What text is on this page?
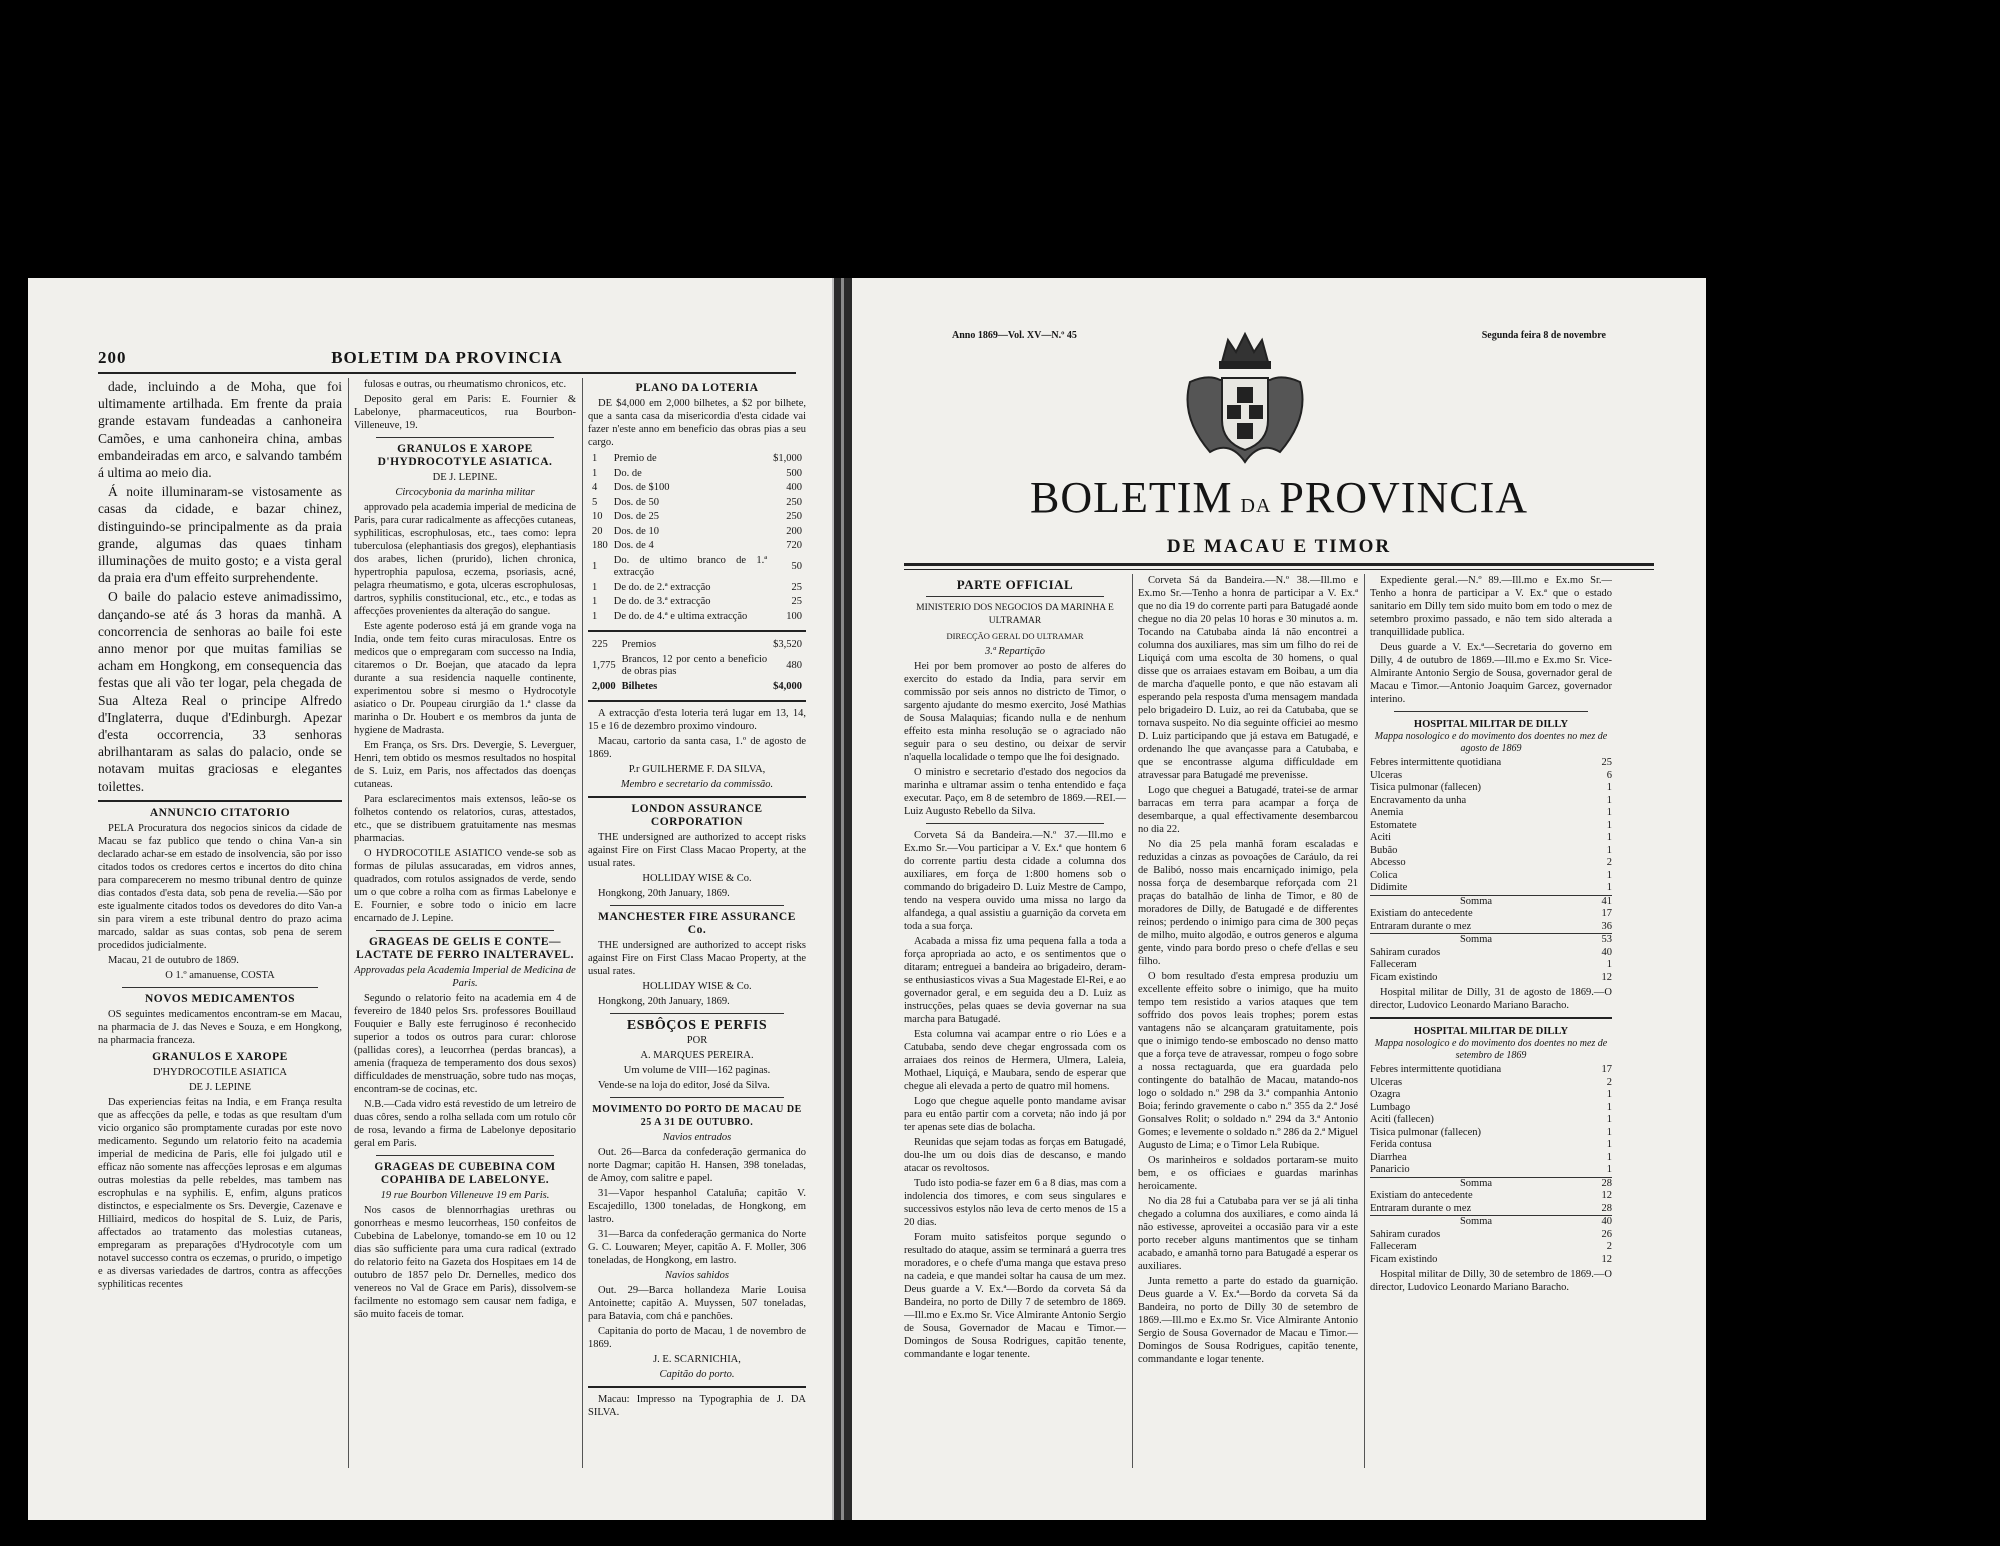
200	BOLETIM DA PROVINCIA

dade, incluindo a de Moha, que foi ultimamente artilhada. Em frente da praia grande estavam fundeadas a canhoneira Camões, e uma canhoneira china, ambas embandeiradas em arco, e salvando também á ultima ao meio dia.

Á noite illuminaram-se vistosamente as casas da cidade, e bazar chinez, distinguindo-se principalmente as da praia grande, algumas das quaes tinham illuminações de muito gosto; e a vista geral da praia era d'um effeito surprehendente.

O baile do palacio esteve animadissimo, dançando-se até ás 3 horas da manhã. A concorrencia de senhoras ao baile foi este anno menor por que muitas familias se acham em Hongkong, em consequencia das festas que ali vão ter logar, pela chegada de Sua Alteza Real o principe Alfredo d'Inglaterra, duque d'Edinburgh. Apezar d'esta occorrencia, 33 senhoras abrilhantaram as salas do palacio, onde se notavam muitas graciosas e elegantes toilettes.

ANNUNCIO CITATORIO

PELA Procuratura dos negocios sinicos da cidade de Macau se faz publico que tendo o china Van-a sin declarado achar-se em estado de insolvencia, são por isso citados todos os credores certos e incertos do dito china para comparecerem no mesmo tribunal dentro de quinze dias contados d'esta data, sob pena de revelia.—São por este igualmente citados todos os devedores do dito Van-a sin para virem a este tribunal dentro do prazo acima marcado, saldar as suas contas, sob pena de serem procedidos judicialmente.

Macau, 21 de outubro de 1869.

O 1.º amanuense, COSTA

NOVOS MEDICAMENTOS

OS seguintes medicamentos encontram-se em Macau, na pharmacia de J. das Neves e Souza, e em Hongkong, na pharmacia franceza.

GRANULOS E XAROPE

D'HYDROCOTILE ASIATICA

DE J. LEPINE

Das experiencias feitas na India, e em França resulta que as affecções da pelle, e todas as que resultam d'um vicio organico são promptamente curadas por este novo medicamento. Segundo um relatorio feito na academia imperial de medicina de Paris, elle foi julgado util e efficaz não somente nas affecções leprosas e em algumas outras molestias da pelle rebeldes, mas tambem nas escrophulas e na syphilis. E, enfim, alguns praticos distinctos, e especialmente os Srs. Devergie, Cazenave e Hilliaird, medicos do hospital de S. Luiz, de Paris, affectados ao tratamento das molestias cutaneas, empregaram as preparações d'Hydrocotyle com um notavel successo contra os eczemas, o prurido, o impetigo e as diversas variedades de dartros, contra as affecções syphiliticas recentes

fulosas e outras, ou rheumatismo chronicos, etc.

Deposito geral em Paris: E. Fournier & Labelonye, pharmaceuticos, rua Bourbon-Villeneuve, 19.

GRANULOS E XAROPE D'HYDROCOTYLE ASIATICA.

DE J. LEPINE.

Circocybonia da marinha militar

approvado pela academia imperial de medicina de Paris, para curar radicalmente as affecções cutaneas, syphiliticas, escrophulosas, etc., taes como: lepra tuberculosa (elephantiasis dos gregos), elephantiasis dos arabes, lichen (prurido), lichen chronica, hypertrophia papulosa, eczema, psoriasis, acné, pelagra rheumatismo, e gota, ulceras escrophulosas, dartros, syphilis constitucional, etc., etc., e todas as affecções provenientes da alteração do sangue.

Este agente poderoso está já em grande voga na India, onde tem feito curas miraculosas. Entre os medicos que o empregaram com successo na India, citaremos o Dr. Boejan, que atacado da lepra durante a sua residencia naquelle continente, experimentou sobre si mesmo o Hydrocotyle asiatico o Dr. Poupeau cirurgião da 1.ª classe da marinha o Dr. Houbert e os membros da junta de hygiene de Madrasta.

Em França, os Srs. Drs. Devergie, S. Leverguer, Henri, tem obtido os mesmos resultados no hospital de S. Luiz, em Paris, nos affectados das doenças cutaneas.

Para esclarecimentos mais extensos, leão-se os folhetos contendo os relatorios, curas, attestados, etc., que se distribuem gratuitamente nas mesmas pharmacias.

O HYDROCOTILE ASIATICO vende-se sob as formas de pilulas assucaradas, em vidros annes, quadrados, com rotulos assignados de verde, sendo um o que cobre a rolha com as firmas Labelonye e E. Fournier, e sobre todo o inicio em lacre encarnado de J. Lepine.

GRAGEAS DE GELIS E CONTE—LACTATE DE FERRO INALTERAVEL.

Approvadas pela Academia Imperial de Medicina de Paris.

Segundo o relatorio feito na academia em 4 de fevereiro de 1840 pelos Srs. professores Bouillaud Fouquier e Bally este ferruginoso é reconhecido superior a todos os outros para curar: chlorose (pallidas cores), a leucorrhea (perdas brancas), a amenia (fraqueza de temperamento dos dous sexos) difficuldades de menstruação, sobre tudo nas moças, encontram-se de cocinas, etc.

N.B.—Cada vidro está revestido de um letreiro de duas côres, sendo a rolha sellada com um rotulo côr de rosa, levando a firma de Labelonye depositario geral em Paris.

GRAGEAS DE CUBEBINA COM COPAHIBA DE LABELONYE.

19 rue Bourbon Villeneuve 19 em Paris.

Nos casos de blennorrhagias urethras ou gonorrheas e mesmo leucorrheas, 150 confeitos de Cubebina de Labelonye, tomando-se em 10 ou 12 dias são sufficiente para uma cura radical (extrado do relatorio feito na Gazeta dos Hospitaes em 14 de outubro de 1857 pelo Dr. Dernelles, medico dos venereos no Val de Grace em Paris), dissolvem-se facilmente no estomago sem causar nem fadiga, e são muito faceis de tomar.

PLANO DA LOTERIA

DE $4,000 em 2,000 bilhetes, a $2 por bilhete, que a santa casa da misericordia d'esta cidade vai fazer n'este anno em beneficio das obras pias a seu cargo.

1	Premio de	$1,000
1	Do. de	500
4	Dos. de $100	400
5	Dos. de 50	250
10	Dos. de 25	250
20	Dos. de 10	200
180	Dos. de 4	720
1	Do. de ultimo branco de 1.ª extracção	50
1	De do. de 2.ª extracção	25
1	De do. de 3.ª extracção	25
1	De do. de 4.ª e ultima extracção	100
225	Premios	$3,520
1,775	Brancos, 12 por cento a beneficio de obras pias	480
2,000	Bilhetes	$4,000

A extracção d'esta loteria terá lugar em 13, 14, 15 e 16 de dezembro proximo vindouro.

Macau, cartorio da santa casa, 1.º de agosto de 1869.

P.r GUILHERME F. DA SILVA,

Membro e secretario da commissão.

LONDON ASSURANCE CORPORATION

THE undersigned are authorized to accept risks against Fire on First Class Macao Property, at the usual rates.

HOLLIDAY WISE & Co.

Hongkong, 20th January, 1869.

MANCHESTER FIRE ASSURANCE Co.

THE undersigned are authorized to accept risks against Fire on First Class Macao Property, at the usual rates.

HOLLIDAY WISE & Co.

Hongkong, 20th January, 1869.

ESBÔÇOS E PERFIS

POR

A. MARQUES PEREIRA.

Um volume de VIII—162 paginas.

Vende-se na loja do editor, José da Silva.

MOVIMENTO DO PORTO DE MACAU DE 25 A 31 DE OUTUBRO.

Navios entrados

Out. 26—Barca da confederação germanica do norte Dagmar; capitão H. Hansen, 398 toneladas, de Amoy, com salitre e papel.

31—Vapor hespanhol Cataluña; capitão V. Escajedillo, 1300 toneladas, de Hongkong, em lastro.

31—Barca da confederação germanica do Norte G. C. Louwaren; Meyer, capitão A. F. Moller, 306 toneladas, de Hongkong, em lastro.

Navios sahidos

Out. 29—Barca hollandeza Marie Louisa Antoinette; capitão A. Muyssen, 507 toneladas, para Batavia, com chá e panchões.

Capitania do porto de Macau, 1 de novembro de 1869.

J. E. SCARNICHIA,

Capitão do porto.

Macau: Impresso na Typographia de J. DA SILVA.

Anno 1869—Vol. XV—N.º 45	Segunda feira 8 de novembre
BOLETIM DA PROVINCIA
DE MACAU E TIMOR
PARTE OFFICIAL

MINISTERIO DOS NEGOCIOS DA MARINHA E ULTRAMAR

DIRECÇÃO GERAL DO ULTRAMAR

3.ª Repartição

Hei por bem promover ao posto de alferes do exercito do estado da India, para servir em commissão por seis annos no districto de Timor, o sargento ajudante do mesmo exercito, José Mathias de Sousa Malaquias; ficando nulla e de nenhum effeito esta minha resolução se o agraciado não seguir para o seu destino, ou deixar de servir n'aquella localidade o tempo que lhe foi designado.

O ministro e secretario d'estado dos negocios da marinha e ultramar assim o tenha entendido e faça executar. Paço, em 8 de setembro de 1869.—REI.—Luiz Augusto Rebello da Silva.

Corveta Sá da Bandeira.—N.º 37.—Ill.mo e Ex.mo Sr.—Vou participar a V. Ex.ª que hontem 6 do corrente partiu desta cidade a columna dos auxiliares, em força de 1:800 homens sob o commando do brigadeiro D. Luiz Mestre de Campo, tendo na vespera ouvido uma missa no largo da alfandega, a qual assistiu a guarnição da corveta em toda a sua força.

Acabada a missa fiz uma pequena falla a toda a força apropriada ao acto, e os sentimentos que o ditaram; entreguei a bandeira ao brigadeiro, deram-se enthusiasticos vivas a Sua Magestade El-Rei, e ao governador geral, e em seguida deu a D. Luiz as instrucções, pelas quaes se devia governar na sua marcha para Batugadé.

Esta columna vai acampar entre o rio Lóes e a Catubaba, sendo deve chegar engrossada com os arraiaes dos reinos de Hermera, Ulmera, Laleia, Mothael, Liquiçá, e Maubara, sendo de esperar que chegue ali elevada a perto de quatro mil homens.

Logo que chegue aquelle ponto mandame avisar para eu então partir com a corveta; não indo já por ter apenas sete dias de bolacha.

Reunidas que sejam todas as forças em Batugadé, dou-lhe um ou dois dias de descanso, e mando atacar os revoltosos.

Tudo isto podia-se fazer em 6 a 8 dias, mas com a indolencia dos timores, e com seus singulares e successivos estylos não leva de certo menos de 15 a 20 dias.

Foram muito satisfeitos porque segundo o resultado do ataque, assim se terminará a guerra tres moradores, e o chefe d'uma manga que estava preso na cadeia, e que mandei soltar ha causa de um mez. Deus guarde a V. Ex.ª—Bordo da corveta Sá da Bandeira, no porto de Dilly 7 de setembro de 1869.—Ill.mo e Ex.mo Sr. Vice Almirante Antonio Sergio de Sousa, Governador de Macau e Timor.—Domingos de Sousa Rodrigues, capitão tenente, commandante e logar tenente.

Corveta Sá da Bandeira.—N.º 38.—Ill.mo e Ex.mo Sr.—Tenho a honra de participar a V. Ex.ª que no dia 19 do corrente parti para Batugadé aonde chegue no dia 20 pelas 10 horas e 30 minutos a. m. Tocando na Catubaba ainda lá não encontrei a columna dos auxiliares, mas sim um filho do rei de Liquiçá com uma escolta de 30 homens, o qual disse que os arraiaes estavam em Boibau, a um dia de marcha d'aquelle ponto, e que não estavam ali esperando pela resposta d'uma mensagem mandada pelo brigadeiro D. Luiz, ao rei da Catubaba, que se tornava suspeito. No dia seguinte officiei ao mesmo D. Luiz participando que já estava em Batugadé, e ordenando lhe que avançasse para a Catubaba, e que se encontrasse alguma difficuldade em atravessar para Batugadé me prevenisse.

Logo que cheguei a Batugadé, tratei-se de armar barracas em terra para acampar a força de desembarque, a qual effectivamente desembarcou no dia 22.

No dia 25 pela manhã foram escaladas e reduzidas a cinzas as povoações de Caráulo, da rei de Balibó, nosso mais encarniçado inimigo, pela nossa força de desembarque reforçada com 21 praças do batalhão de linha de Timor, e 80 de moradores de Dilly, de Batugadé e de differentes reinos; perdendo o inimigo para cima de 300 peças de milho, muito algodão, e outros generos e alguma gente, vindo para bordo preso o chefe d'ellas e seu filho.

O bom resultado d'esta empresa produziu um excellente effeito sobre o inimigo, que ha muito tempo tem resistido a varios ataques que tem soffrido dos povos leais trophes; porem estas vantagens não se alcançaram gratuitamente, pois que o inimigo tendo-se emboscado no denso matto que a força teve de atravessar, rompeu o fogo sobre a nossa rectaguarda, que era guardada pelo contingente do batalhão de Macau, matando-nos logo o soldado n.º 298 da 3.ª companhia Antonio Boia; ferindo gravemente o cabo n.º 355 da 2.ª José Gonsalves Rolit; o soldado n.º 294 da 3.ª Antonio Gomes; e levemente o soldado n.º 286 da 2.ª Miguel Augusto de Lima; e o Timor Lela Rubique.

Os marinheiros e soldados portaram-se muito bem, e os officiaes e guardas marinhas heroicamente.

No dia 28 fui a Catubaba para ver se já ali tinha chegado a columna dos auxiliares, e como ainda lá não estivesse, aproveitei a occasião para vir a este porto receber alguns mantimentos que se tinham acabado, e amanhã torno para Batugadé a esperar os auxiliares.

Junta remetto a parte do estado da guarnição. Deus guarde a V. Ex.ª—Bordo da corveta Sá da Bandeira, no porto de Dilly 30 de setembro de 1869.—Ill.mo e Ex.mo Sr. Vice Almirante Antonio Sergio de Sousa Governador de Macau e Timor.—Domingos de Sousa Rodrigues, capitão tenente, commandante e logar tenente.

Expediente geral.—N.º 89.—Ill.mo e Ex.mo Sr.—Tenho a honra de participar a V. Ex.ª que o estado sanitario em Dilly tem sido muito bom em todo o mez de setembro proximo passado, e não tem sido alterada a tranquillidade publica.

Deus guarde a V. Ex.ª—Secretaria do governo em Dilly, 4 de outubro de 1869.—Ill.mo e Ex.mo Sr. Vice-Almirante Antonio Sergio de Sousa, governador geral de Macau e Timor.—Antonio Joaquim Garcez, governador interino.

HOSPITAL MILITAR DE DILLY
Mappa nosologico e do movimento dos doentes no mez de agosto de 1869
Febres intermittente quotidiana	25
Ulceras	6
Tisica pulmonar (fallecen)	1
Encravamento da unha	1
Anemia	1
Estomatete	1
Aciti	1
Bubão	1
Abcesso	2
Colica	1
Didimite	1
Somma	41
Existiam do antecedente	17
Entraram durante o mez	36
Somma	53
Sahiram curados	40
Falleceram	1
Ficam existindo	12

Hospital militar de Dilly, 31 de agosto de 1869.—O director, Ludovico Leonardo Mariano Baracho.

HOSPITAL MILITAR DE DILLY
Mappa nosologico e do movimento dos doentes no mez de setembro de 1869
Febres intermittente quotidiana	17
Ulceras	2
Ozagra	1
Lumbago	1
Aciti (fallecen)	1
Tisica pulmonar (fallecen)	1
Ferida contusa	1
Diarrhea	1
Panaricio	1
Somma	28
Existiam do antecedente	12
Entraram durante o mez	28
Somma	40
Sahiram curados	26
Falleceram	2
Ficam existindo	12

Hospital militar de Dilly, 30 de setembro de 1869.—O director, Ludovico Leonardo Mariano Baracho.
